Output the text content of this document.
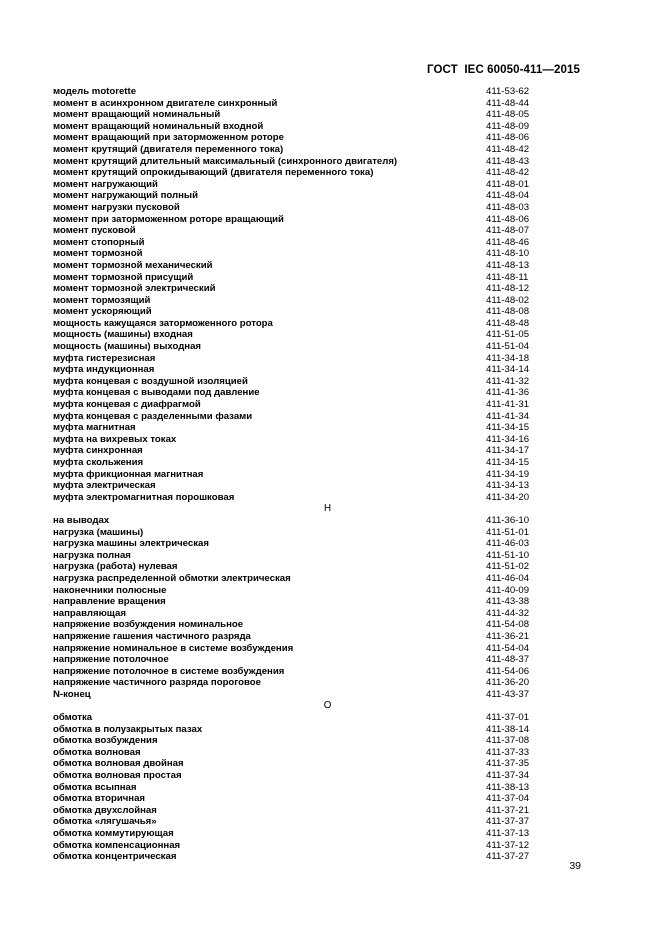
ГОСТ  IEC 60050-411—2015
модель motorette	411-53-62
момент в асинхронном двигателе синхронный	411-48-44
момент вращающий номинальный	411-48-05
момент вращающий номинальный входной	411-48-09
момент вращающий при заторможенном роторе	411-48-06
момент крутящий (двигателя переменного тока)	411-48-42
момент крутящий длительный максимальный (синхронного двигателя)	411-48-43
момент крутящий опрокидывающий (двигателя переменного тока)	411-48-42
момент нагружающий	411-48-01
момент нагружающий полный	411-48-04
момент нагрузки пусковой	411-48-03
момент при заторможенном роторе вращающий	411-48-06
момент пусковой	411-48-07
момент стопорный	411-48-46
момент тормозной	411-48-10
момент тормозной механический	411-48-13
момент тормозной присущий	411-48-11
момент тормозной электрический	411-48-12
момент тормозящий	411-48-02
момент ускоряющий	411-48-08
мощность кажущаяся заторможенного ротора	411-48-48
мощность (машины) входная	411-51-05
мощность (машины) выходная	411-51-04
муфта гистерезисная	411-34-18
муфта индукционная	411-34-14
муфта концевая с воздушной изоляцией	411-41-32
муфта концевая с выводами под давление	411-41-36
муфта концевая с диафрагмой	411-41-31
муфта концевая с разделенными фазами	411-41-34
муфта магнитная	411-34-15
муфта на вихревых токах	411-34-16
муфта синхронная	411-34-17
муфта скольжения	411-34-15
муфта фрикционная магнитная	411-34-19
муфта электрическая	411-34-13
муфта электромагнитная порошковая	411-34-20
Н
на выводах	411-36-10
нагрузка (машины)	411-51-01
нагрузка машины электрическая	411-46-03
нагрузка полная	411-51-10
нагрузка (работа) нулевая	411-51-02
нагрузка распределенной обмотки электрическая	411-46-04
наконечники полюсные	411-40-09
направление вращения	411-43-38
направляющая	411-44-32
напряжение возбуждения номинальное	411-54-08
напряжение гашения частичного разряда	411-36-21
напряжение номинальное в системе возбуждения	411-54-04
напряжение потолочное	411-48-37
напряжение потолочное в системе возбуждения	411-54-06
напряжение частичного разряда пороговое	411-36-20
N-конец	411-43-37
О
обмотка	411-37-01
обмотка в полузакрытых пазах	411-38-14
обмотка возбуждения	411-37-08
обмотка волновая	411-37-33
обмотка волновая двойная	411-37-35
обмотка волновая простая	411-37-34
обмотка всыпная	411-38-13
обмотка вторичная	411-37-04
обмотка двухслойная	411-37-21
обмотка «лягушачья»	411-37-37
обмотка коммутирующая	411-37-13
обмотка компенсационная	411-37-12
обмотка концентрическая	411-37-27
39
